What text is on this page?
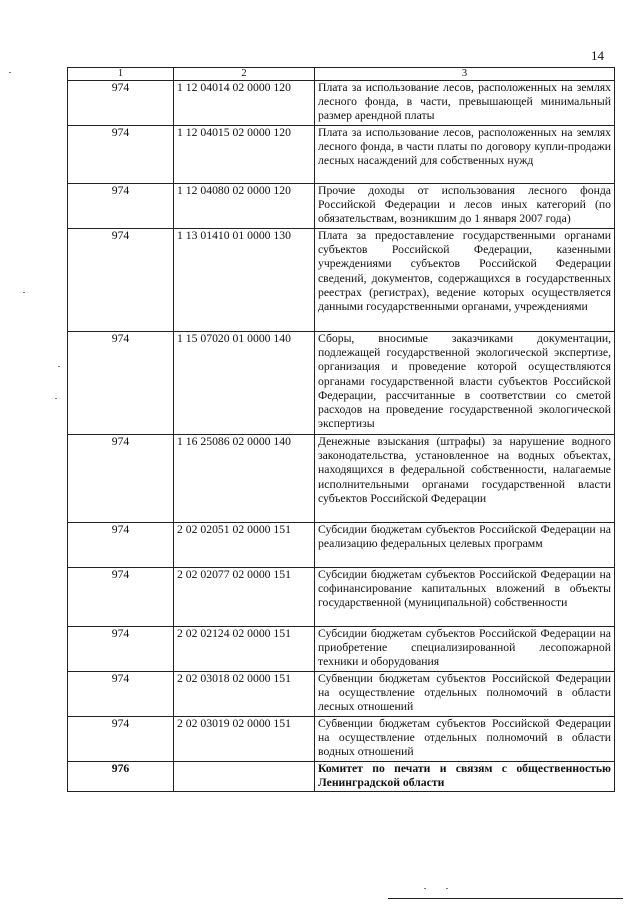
14
1	2	3
974	1 12 04014 02 0000 120	Плата за использование лесов, расположенных на землях лесного фонда, в части, превышающей минимальный размер арендной платы
974	1 12 04015 02 0000 120	Плата за использование лесов, расположенных на землях лесного фонда, в части платы по договору купли-продажи лесных насаждений для собственных нужд
974	1 12 04080 02 0000 120	Прочие доходы от использования лесного фонда Российской Федерации и лесов иных категорий (по обязательствам, возникшим до 1 января 2007 года)
974	1 13 01410 01 0000 130	Плата за предоставление государственными органами субъектов Российской Федерации, казенными учреждениями субъектов Российской Федерации сведений, документов, содержащихся в государственных реестрах (регистрах), ведение которых осуществляется данными государственными органами, учреждениями
974	1 15 07020 01 0000 140	Сборы, вносимые заказчиками документации, подлежащей государственной экологической экспертизе, организация и проведение которой осуществляются органами государственной власти субъектов Российской Федерации, рассчитанные в соответствии со сметой расходов на проведение государственной экологической экспертизы
974	1 16 25086 02 0000 140	Денежные взыскания (штрафы) за нарушение водного законодательства, установленное на водных объектах, находящихся в федеральной собственности, налагаемые исполнительными органами государственной власти субъектов Российской Федерации
974	2 02 02051 02 0000 151	Субсидии бюджетам субъектов Российской Федерации на реализацию федеральных целевых программ
974	2 02 02077 02 0000 151	Субсидии бюджетам субъектов Российской Федерации на софинансирование капитальных вложений в объекты государственной (муниципальной) собственности
974	2 02 02124 02 0000 151	Субсидии бюджетам субъектов Российской Федерации на приобретение специализированной лесопожарной техники и оборудования
974	2 02 03018 02 0000 151	Субвенции бюджетам субъектов Российской Федерации на осуществление отдельных полномочий в области лесных отношений
974	2 02 03019 02 0000 151	Субвенции бюджетам субъектов Российской Федерации на осуществление отдельных полномочий в области водных отношений
976		Комитет по печати и связям с общественностью Ленинградской области
